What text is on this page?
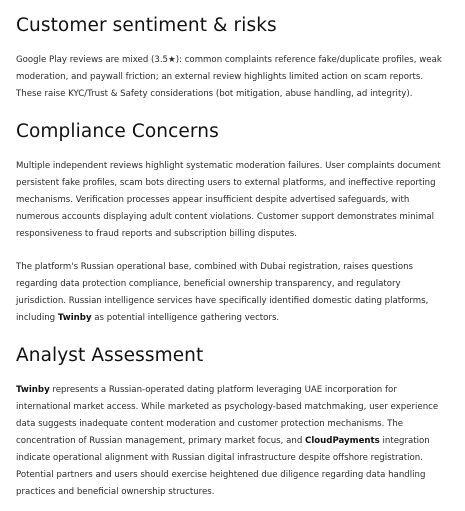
Customer sentiment & risks

Google Play reviews are mixed (3.5★): common complaints reference fake/duplicate profiles, weak moderation, and paywall friction; an external review highlights limited action on scam reports. These raise KYC/Trust & Safety considerations (bot mitigation, abuse handling, ad integrity).

Compliance Concerns

Multiple independent reviews highlight systematic moderation failures. User complaints document persistent fake profiles, scam bots directing users to external platforms, and ineffective reporting mechanisms. Verification processes appear insufficient despite advertised safeguards, with numerous accounts displaying adult content violations. Customer support demonstrates minimal responsiveness to fraud reports and subscription billing disputes.

The platform's Russian operational base, combined with Dubai registration, raises questions regarding data protection compliance, beneficial ownership transparency, and regulatory jurisdiction. Russian intelligence services have specifically identified domestic dating platforms, including Twinby as potential intelligence gathering vectors.

Analyst Assessment

Twinby represents a Russian-operated dating platform leveraging UAE incorporation for international market access. While marketed as psychology-based matchmaking, user experience data suggests inadequate content moderation and customer protection mechanisms. The concentration of Russian management, primary market focus, and CloudPayments integration indicate operational alignment with Russian digital infrastructure despite offshore registration. Potential partners and users should exercise heightened due diligence regarding data handling practices and beneficial ownership structures.
